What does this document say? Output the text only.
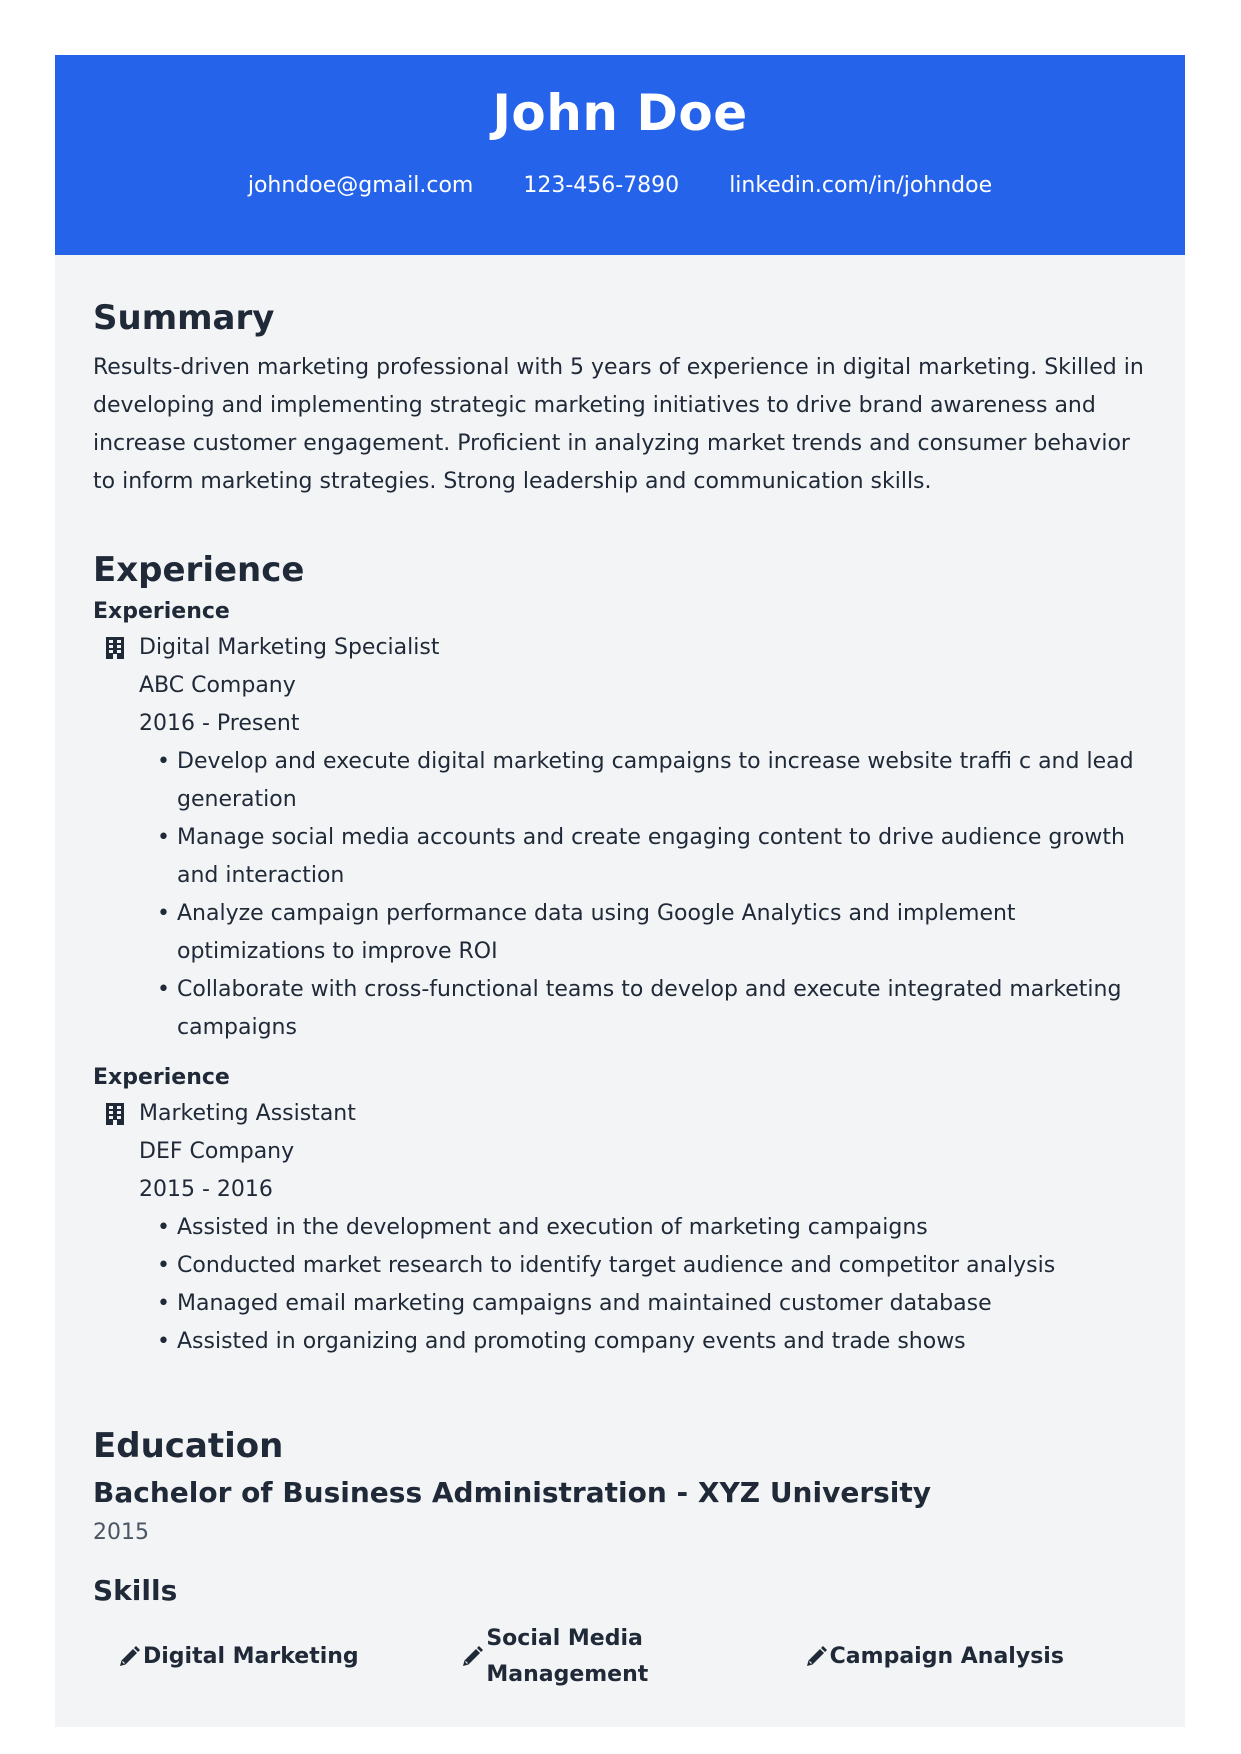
John Doe
johndoe@gmail.com 123-456-7890 linkedin.com/in/johndoe
Summary
Results-driven marketing professional with 5 years of experience in digital marketing. Skilled in developing and implementing strategic marketing initiatives to drive brand awareness and increase customer engagement. Proficient in analyzing market trends and consumer behavior to inform marketing strategies. Strong leadership and communication skills.
Experience
Experience
Digital Marketing Specialist
ABC Company
2016 - Present
• Develop and execute digital marketing campaigns to increase website traffi c and lead generation
• Manage social media accounts and create engaging content to drive audience growth and interaction
• Analyze campaign performance data using Google Analytics and implement optimizations to improve ROI
• Collaborate with cross-functional teams to develop and execute integrated marketing campaigns
Experience
Marketing Assistant
DEF Company
2015 - 2016
• Assisted in the development and execution of marketing campaigns
• Conducted market research to identify target audience and competitor analysis
• Managed email marketing campaigns and maintained customer database
• Assisted in organizing and promoting company events and trade shows
Education
Bachelor of Business Administration - XYZ University
2015
Skills
Digital Marketing
Social Media Management
Campaign Analysis
